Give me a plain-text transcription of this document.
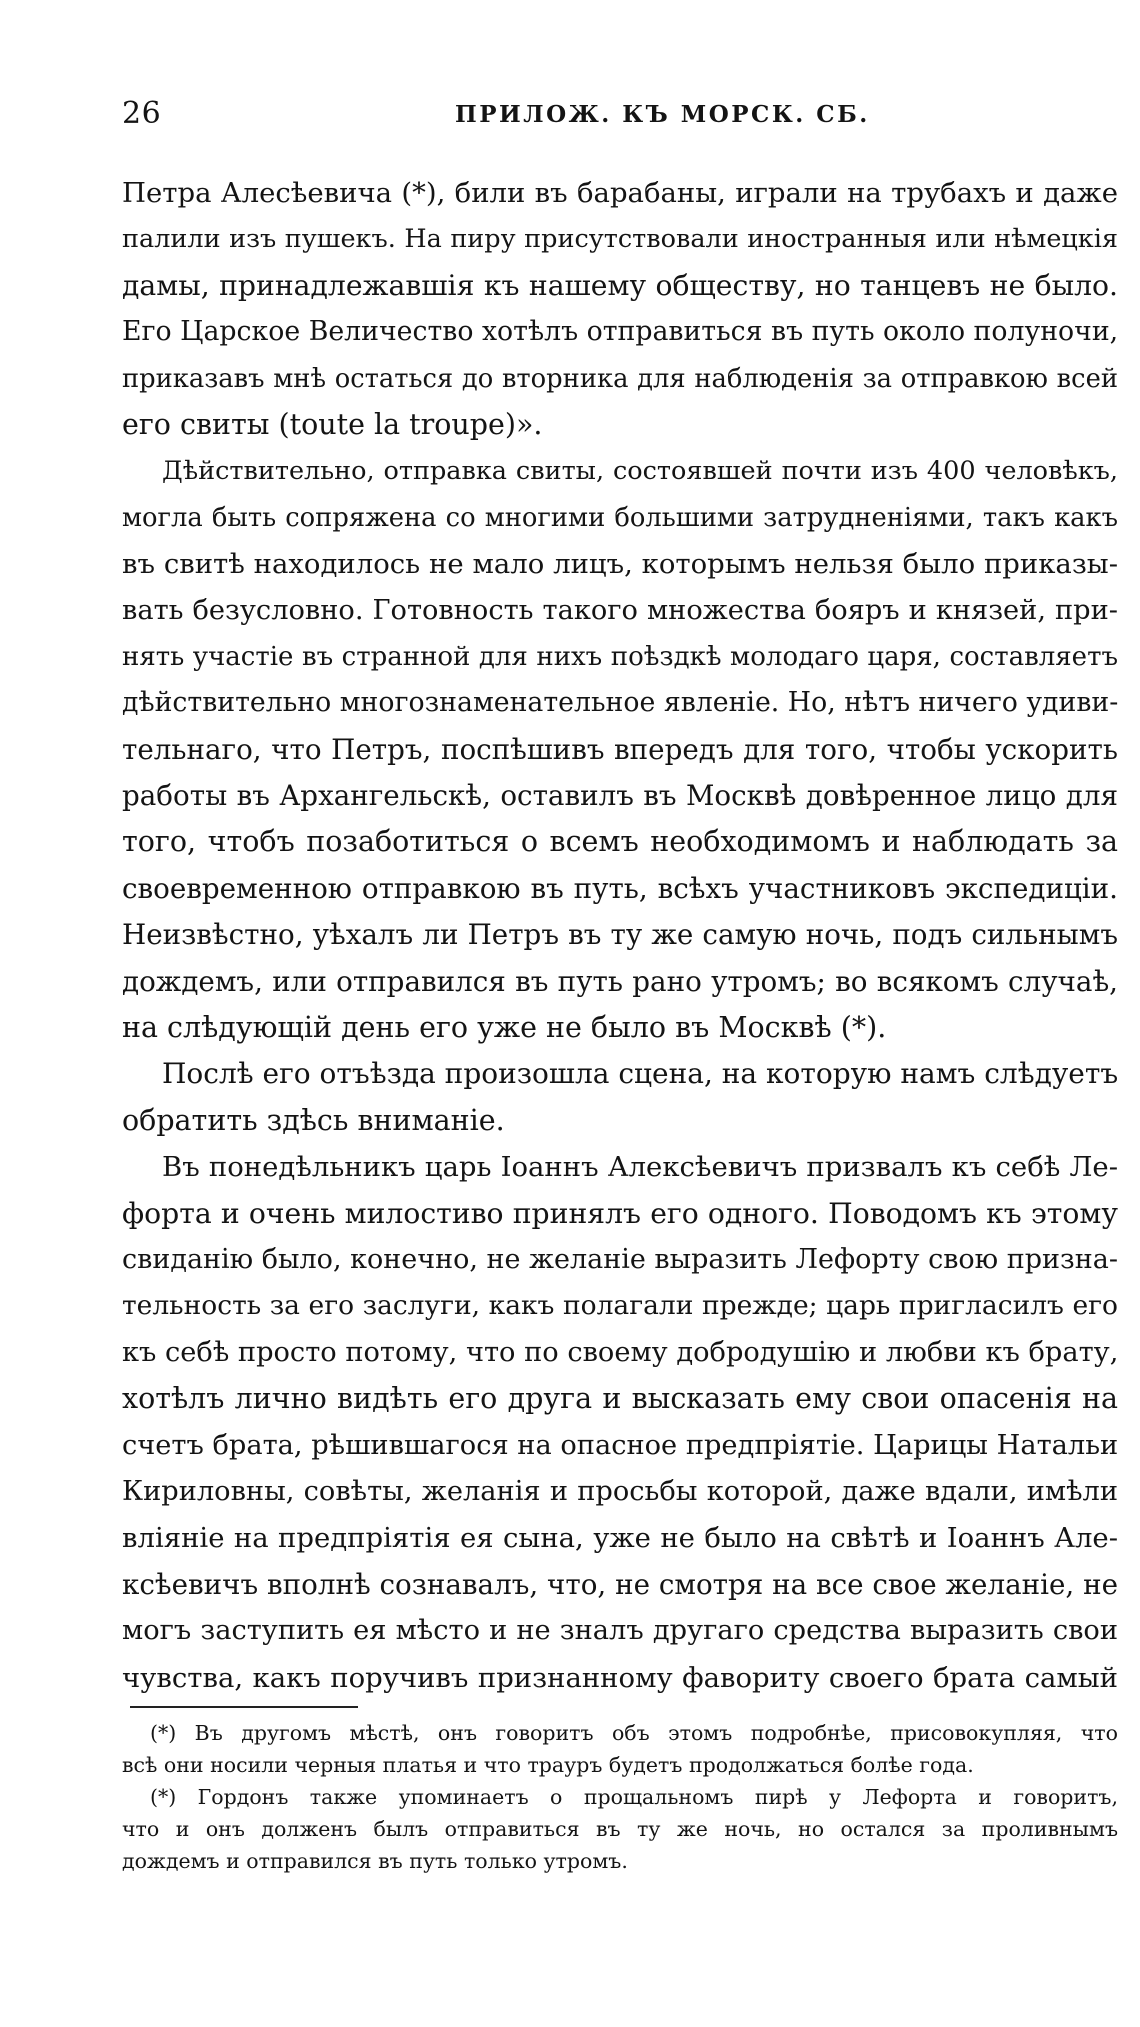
26	ПРИЛОЖ. КЪ МОРСК. СБ.
Петра Алесѣевича (*), били въ барабаны, играли на трубахъ и даже
палили изъ пушекъ. На пиру присутствовали иностранныя или нѣмецкія
дамы, принадлежавшія къ нашему обществу, но танцевъ не было.
Его Царское Величество хотѣлъ отправиться въ путь около полуночи,
приказавъ мнѣ остаться до вторника для наблюденія за отправкою всей
его свиты (toute la troupe)».
Дѣйствительно, отправка свиты, состоявшей почти изъ 400 человѣкъ,
могла быть сопряжена со многими большими затрудненіями, такъ какъ
въ свитѣ находилось не мало лицъ, которымъ нельзя было приказы-
вать безусловно. Готовность такого множества бояръ и князей, при-
нять участіе въ странной для нихъ поѣздкѣ молодаго царя, составляетъ
дѣйствительно многознаменательное явленіе. Но, нѣтъ ничего удиви-
тельнаго, что Петръ, поспѣшивъ впередъ для того, чтобы ускорить
работы въ Архангельскѣ, оставилъ въ Москвѣ довѣренное лицо для
того, чтобъ позаботиться о всемъ необходимомъ и наблюдать за
своевременною отправкою въ путь, всѣхъ участниковъ экспедиціи.
Неизвѣстно, уѣхалъ ли Петръ въ ту же самую ночь, подъ сильнымъ
дождемъ, или отправился въ путь рано утромъ; во всякомъ случаѣ,
на слѣдующій день его уже не было въ Москвѣ (*).
Послѣ его отъѣзда произошла сцена, на которую намъ слѣдуетъ
обратить здѣсь вниманіе.
Въ понедѣльникъ царь Іоаннъ Алексѣевичъ призвалъ къ себѣ Ле-
форта и очень милостиво принялъ его одного. Поводомъ къ этому
свиданію было, конечно, не желаніе выразить Лефорту свою призна-
тельность за его заслуги, какъ полагали прежде; царь пригласилъ его
къ себѣ просто потому, что по своему добродушію и любви къ брату,
хотѣлъ лично видѣть его друга и высказать ему свои опасенія на
счетъ брата, рѣшившагося на опасное предпріятіе. Царицы Натальи
Кириловны, совѣты, желанія и просьбы которой, даже вдали, имѣли
вліяніе на предпріятія ея сына, уже не было на свѣтѣ и Іоаннъ Але-
ксѣевичъ вполнѣ сознавалъ, что, не смотря на все свое желаніе, не
могъ заступить ея мѣсто и не зналъ другаго средства выразить свои
чувства, какъ поручивъ признанному фавориту своего брата самый
(*) Въ другомъ мѣстѣ, онъ говоритъ объ этомъ подробнѣе, присовокупляя, что
всѣ они носили черныя платья и что трауръ будетъ продолжаться болѣе года.
(*) Гордонъ также упоминаетъ о прощальномъ пирѣ у Лефорта и говоритъ,
что и онъ долженъ былъ отправиться въ ту же ночь, но остался за проливнымъ
дождемъ и отправился въ путь только утромъ.
